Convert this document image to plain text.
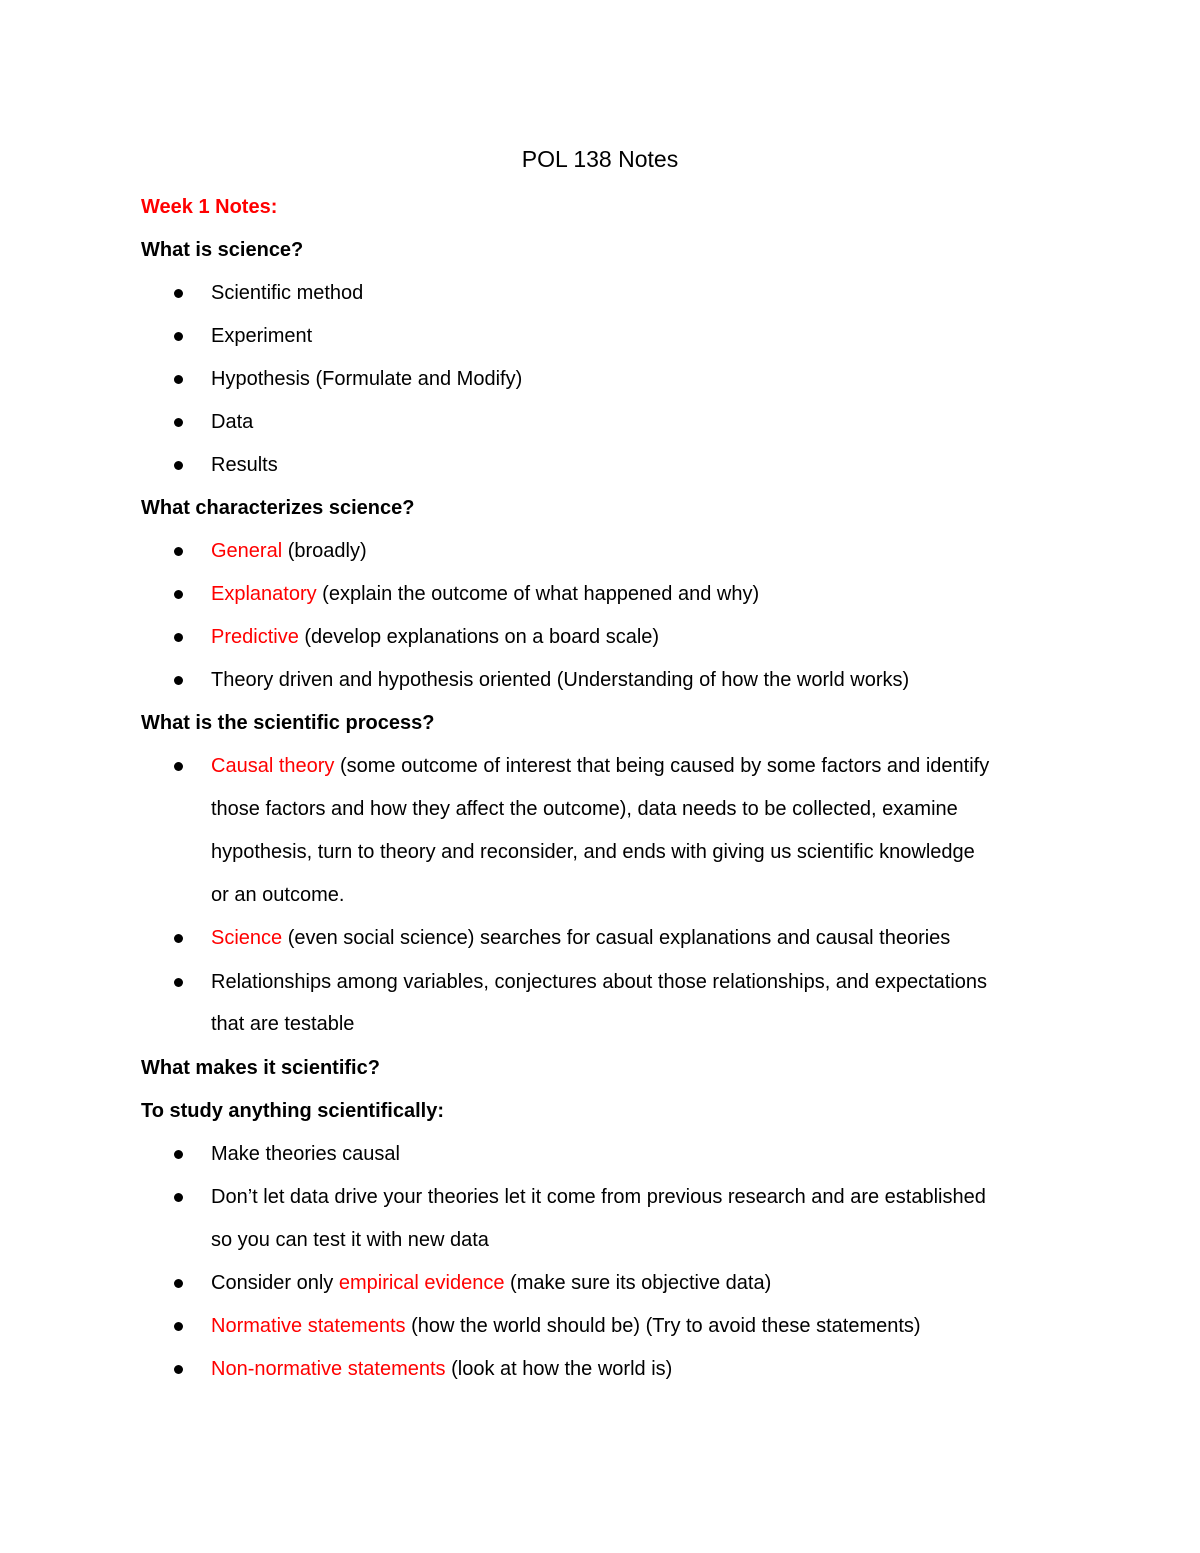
POL 138 Notes
Week 1 Notes:
What is science?
Scientific method
Experiment
Hypothesis (Formulate and Modify)
Data
Results
What characterizes science?
General (broadly)
Explanatory (explain the outcome of what happened and why)
Predictive (develop explanations on a board scale)
Theory driven and hypothesis oriented (Understanding of how the world works)
What is the scientific process?
Causal theory (some outcome of interest that being caused by some factors and identify
those factors and how they affect the outcome), data needs to be collected, examine
hypothesis, turn to theory and reconsider, and ends with giving us scientific knowledge
or an outcome.
Science (even social science) searches for casual explanations and causal theories
Relationships among variables, conjectures about those relationships, and expectations
that are testable
What makes it scientific?
To study anything scientifically:
Make theories causal
Don’t let data drive your theories let it come from previous research and are established
so you can test it with new data
Consider only empirical evidence (make sure its objective data)
Normative statements (how the world should be) (Try to avoid these statements)
Non-normative statements (look at how the world is)
